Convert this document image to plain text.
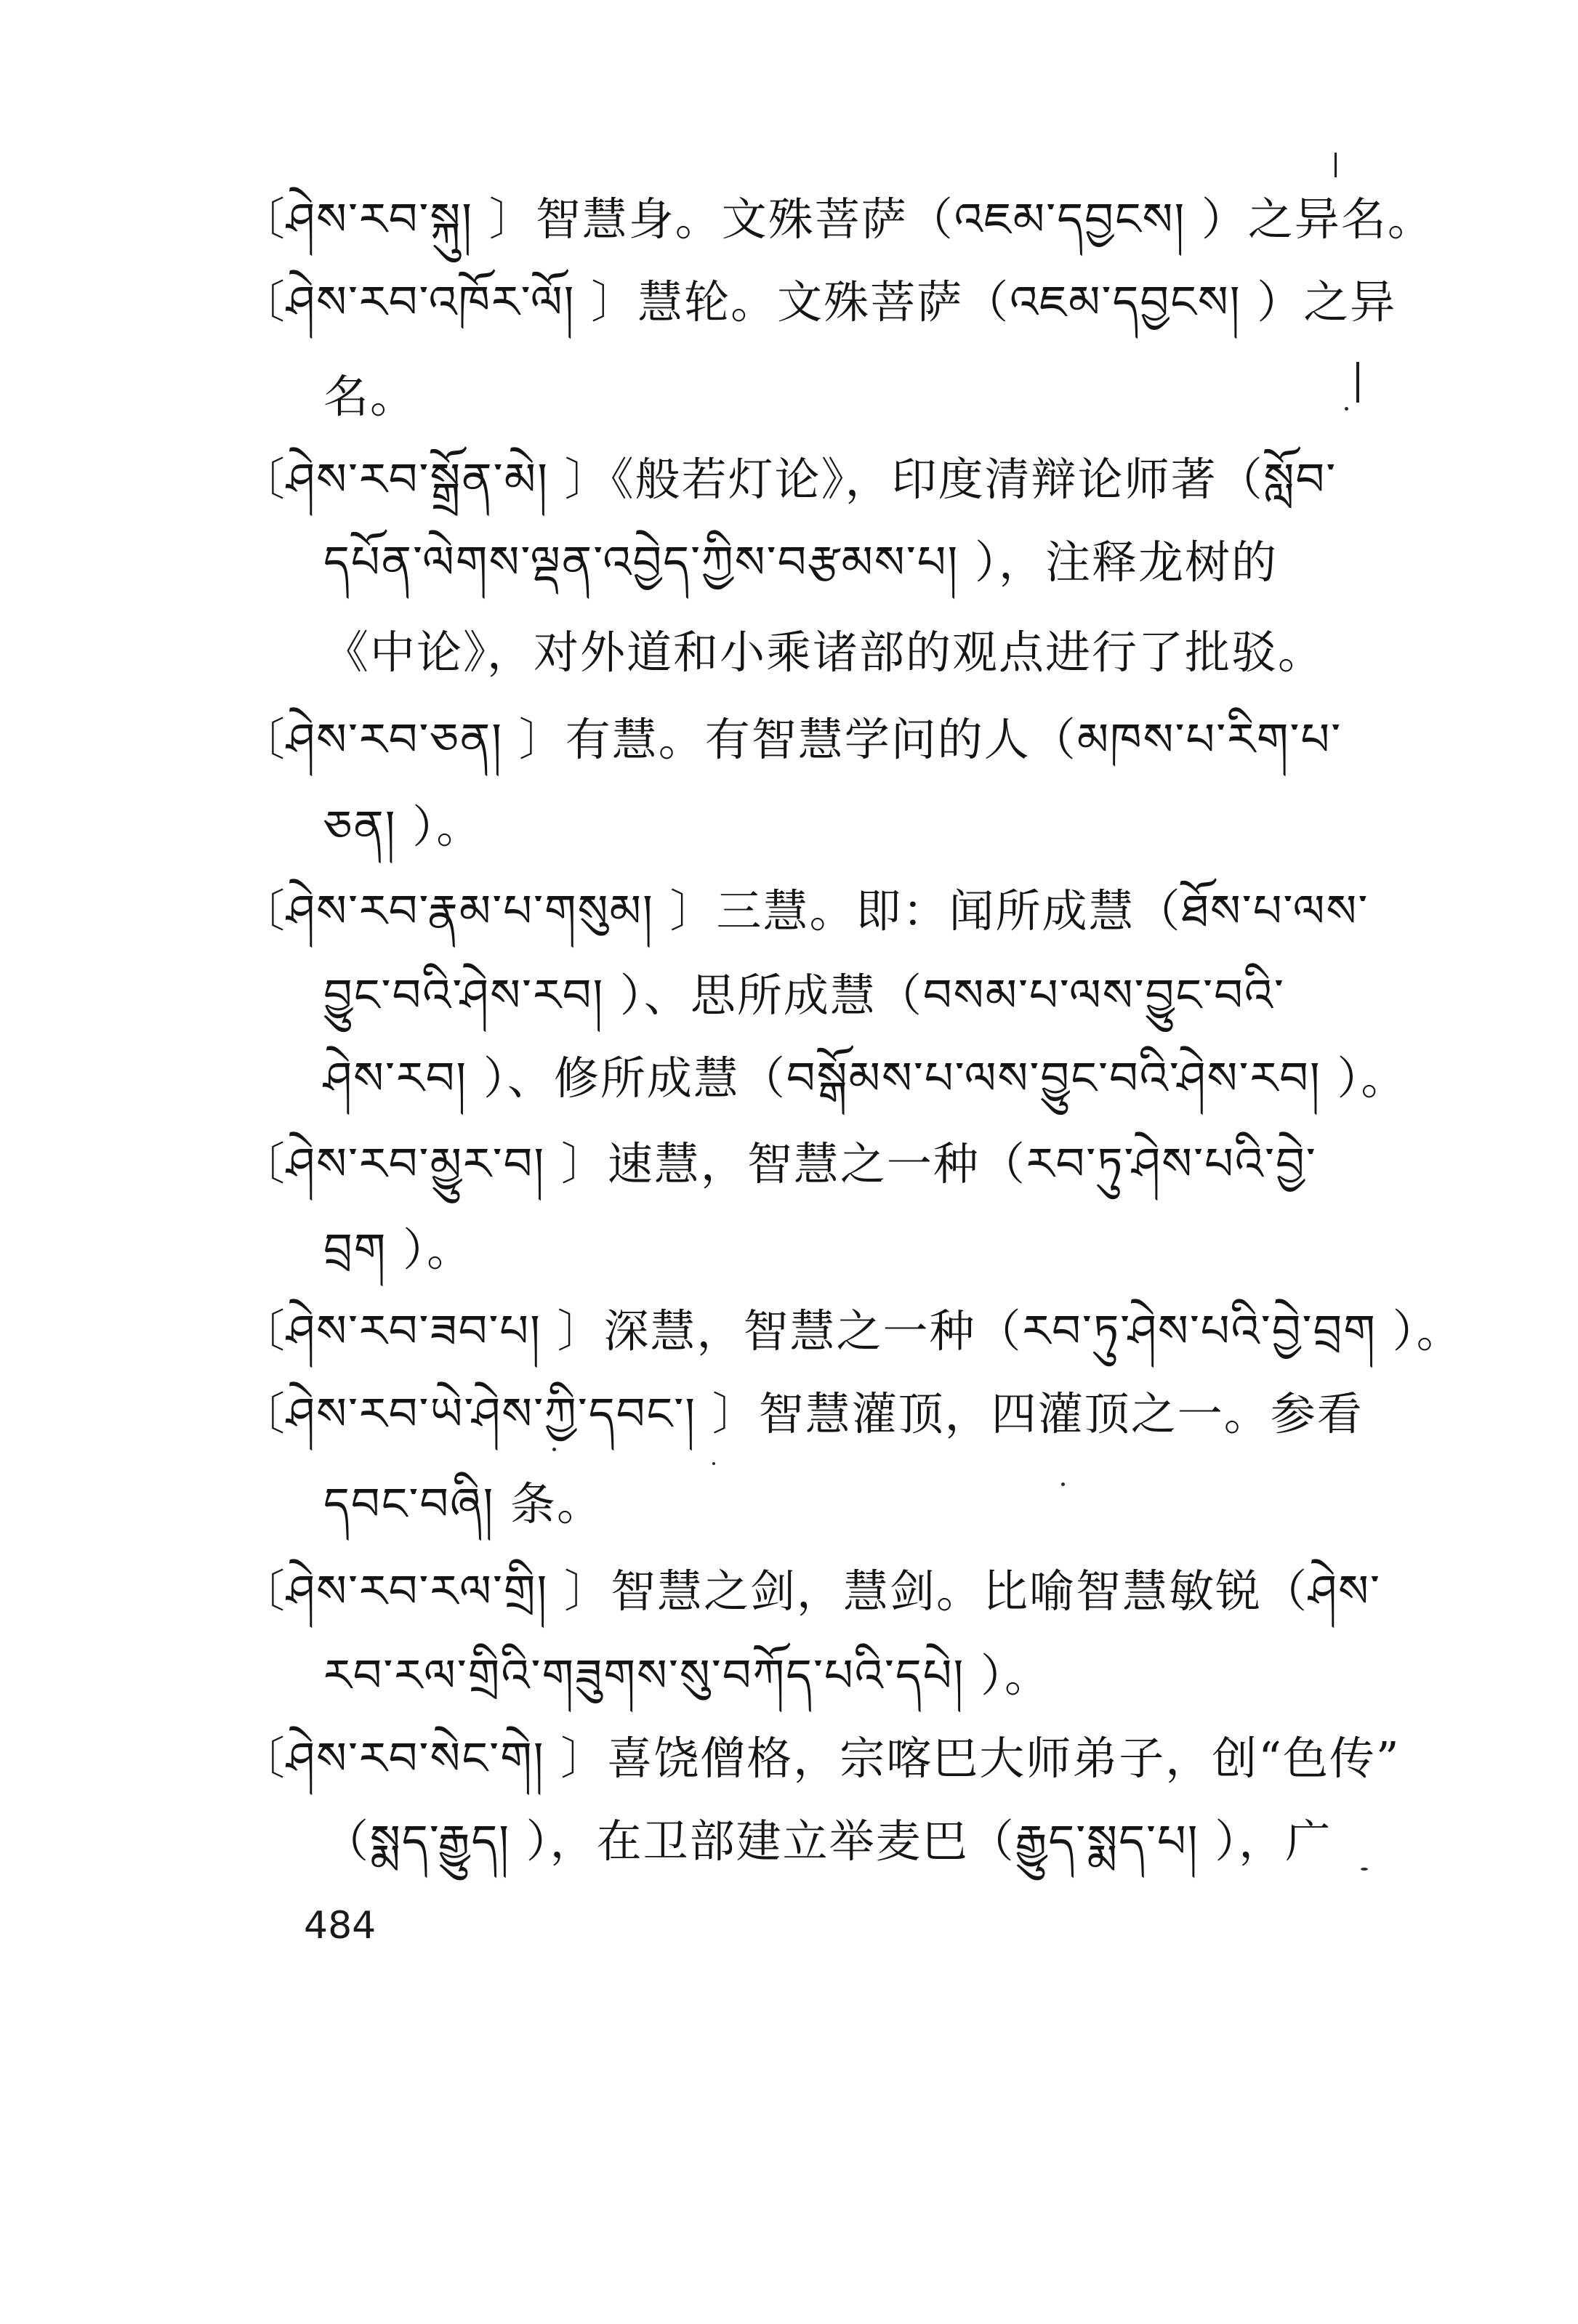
〔ཤེས་རབ་སྐུ། 〕智慧身。文殊菩萨（འཇམ་དབྱངས། ）之异名。
〔ཤེས་རབ་འཁོར་ལོ། 〕慧轮。文殊菩萨（འཇམ་དབྱངས། ）之异
名。
〔ཤེས་རབ་སྒྲོན་མེ། 〕《般若灯论》，印度清辩论师著（སློབ་
དཔོན་ལེགས་ལྡན་འབྱེད་ཀྱིས་བརྩམས་པ། ），注释龙树的
《中论》，对外道和小乘诸部的观点进行了批驳。
〔ཤེས་རབ་ཅན། 〕有慧。有智慧学问的人（མཁས་པ་རིག་པ་
ཅན། ）。
〔ཤེས་རབ་རྣམ་པ་གསུམ། 〕三慧。即：闻所成慧（ཐོས་པ་ལས་
བྱུང་བའི་ཤེས་རབ། ）、思所成慧（བསམ་པ་ལས་བྱུང་བའི་
ཤེས་རབ། ）、修所成慧（བསྒོམས་པ་ལས་བྱུང་བའི་ཤེས་རབ། ）。
〔ཤེས་རབ་མྱུར་བ། 〕速慧，智慧之一种（རབ་ཏུ་ཤེས་པའི་བྱེ་
བྲག ）。
〔ཤེས་རབ་ཟབ་པ། 〕深慧，智慧之一种（རབ་ཏུ་ཤེས་པའི་བྱེ་བྲག ）。
〔ཤེས་རབ་ཡེ་ཤེས་ཀྱི་དབང་། 〕智慧灌顶，四灌顶之一。参看
དབང་བཞི། 条。
〔ཤེས་རབ་རལ་གྲི། 〕智慧之剑，慧剑。比喻智慧敏锐（ཤེས་
རབ་རལ་གྲིའི་གཟུགས་སུ་བཀོད་པའི་དཔེ། ）。
〔ཤེས་རབ་སེང་གེ། 〕喜饶僧格，宗喀巴大师弟子，创“色传”
（སྨད་རྒྱུད། ），在卫部建立举麦巴（རྒྱུད་སྨད་པ། ），广
484
